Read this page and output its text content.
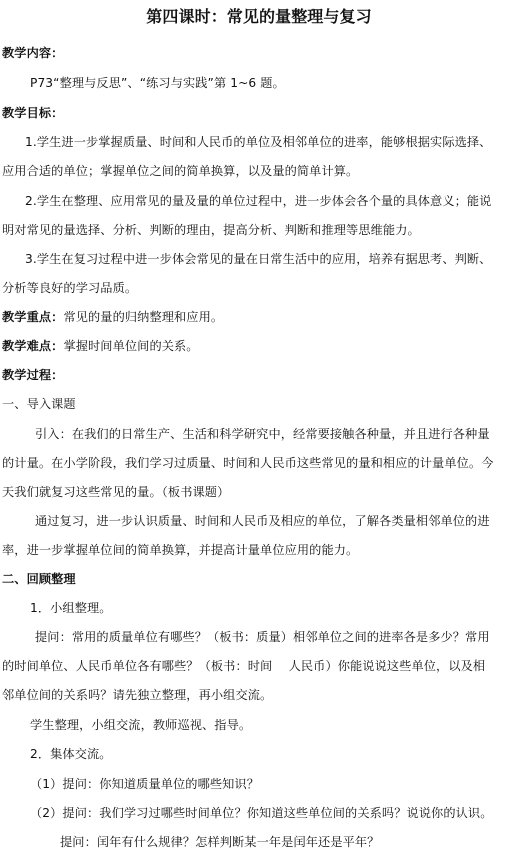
第四课时：常见的量整理与复习
教学内容：
P73“整理与反思”、“练习与实践”第 1~6 题。
教学目标：
1.学生进一步掌握质量、时间和人民币的单位及相邻单位的进率，能够根据实际选择、
应用合适的单位；掌握单位之间的简单换算，以及量的简单计算。
2.学生在整理、应用常见的量及量的单位过程中，进一步体会各个量的具体意义；能说
明对常见的量选择、分析、判断的理由，提高分析、判断和推理等思维能力。
3.学生在复习过程中进一步体会常见的量在日常生活中的应用，培养有据思考、判断、
分析等良好的学习品质。
教学重点：常见的量的归纳整理和应用。
教学难点：掌握时间单位间的关系。
教学过程：
一、导入课题
引入：在我们的日常生产、生活和科学研究中，经常要接触各种量，并且进行各种量
的计量。在小学阶段，我们学习过质量、时间和人民币这些常见的量和相应的计量单位。今
天我们就复习这些常见的量。（板书课题）
通过复习，进一步认识质量、时间和人民币及相应的单位，了解各类量相邻单位的进
率，进一步掌握单位间的简单换算，并提高计量单位应用的能力。
二、回顾整理
1．小组整理。
提问：常用的质量单位有哪些？（板书：质量）相邻单位之间的进率各是多少？常用
的时间单位、人民币单位各有哪些？（板书：时间　 人民币）你能说说这些单位，以及相
邻单位间的关系吗？请先独立整理，再小组交流。
学生整理，小组交流，教师巡视、指导。
2．集体交流。
（1）提问：你知道质量单位的哪些知识？
（2）提问：我们学习过哪些时间单位？你知道这些单位间的关系吗？说说你的认识。
提问：闰年有什么规律？怎样判断某一年是闰年还是平年？
